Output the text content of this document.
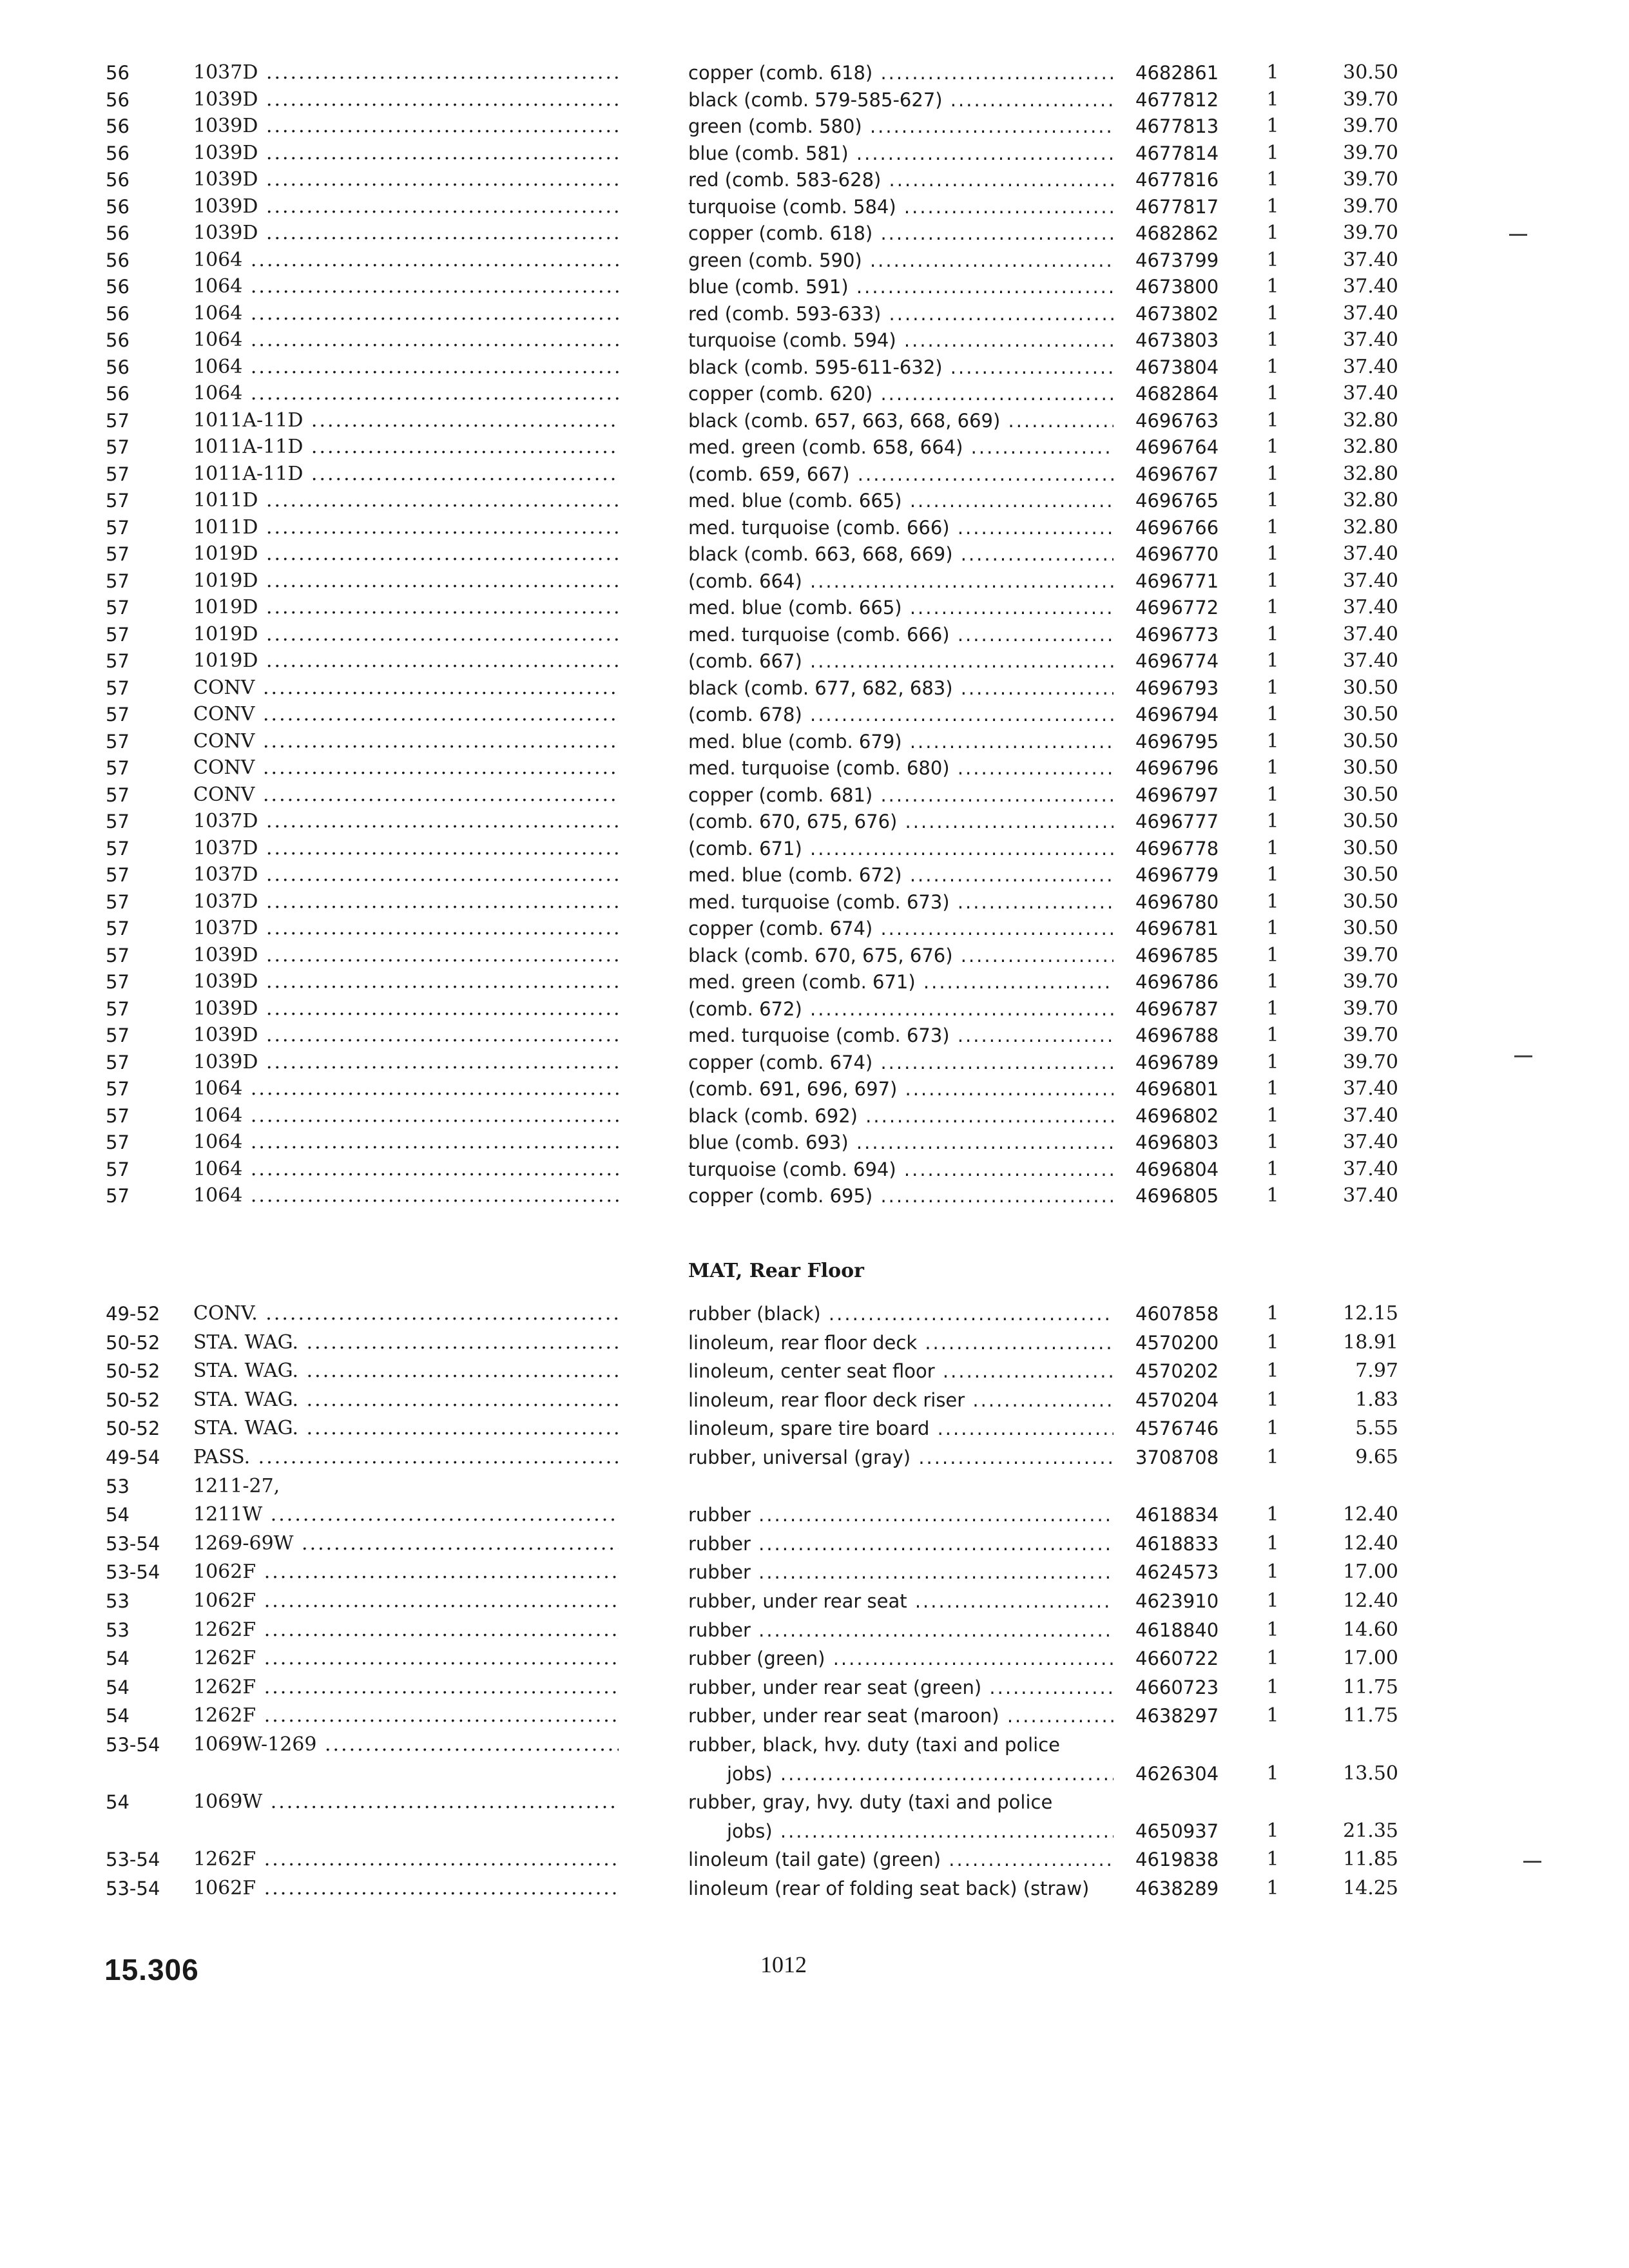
56	1037D .....	copper (comb. 618) .....	4682861	1	30.50
56	1039D .....	black (comb. 579-585-627) .....	4677812	1	39.70
56	1039D .....	green (comb. 580) .....	4677813	1	39.70
56	1039D .....	blue (comb. 581) .....	4677814	1	39.70
56	1039D .....	red (comb. 583-628) .....	4677816	1	39.70
56	1039D .....	turquoise (comb. 584) .....	4677817	1	39.70
56	1039D .....	copper (comb. 618) .....	4682862	1	39.70
56	1064 .....	green (comb. 590) .....	4673799	1	37.40
56	1064 .....	blue (comb. 591) .....	4673800	1	37.40
56	1064 .....	red (comb. 593-633) .....	4673802	1	37.40
56	1064 .....	turquoise (comb. 594) .....	4673803	1	37.40
56	1064 .....	black (comb. 595-611-632) .....	4673804	1	37.40
56	1064 .....	copper (comb. 620) .....	4682864	1	37.40
57	1011A-11D .....	black (comb. 657, 663, 668, 669) .....	4696763	1	32.80
57	1011A-11D .....	med. green (comb. 658, 664) .....	4696764	1	32.80
57	1011A-11D .....	(comb. 659, 667) .....	4696767	1	32.80
57	1011D .....	med. blue (comb. 665) .....	4696765	1	32.80
57	1011D .....	med. turquoise (comb. 666) .....	4696766	1	32.80
57	1019D .....	black (comb. 663, 668, 669) .....	4696770	1	37.40
57	1019D .....	(comb. 664) .....	4696771	1	37.40
57	1019D .....	med. blue (comb. 665) .....	4696772	1	37.40
57	1019D .....	med. turquoise (comb. 666) .....	4696773	1	37.40
57	1019D .....	(comb. 667) .....	4696774	1	37.40
57	CONV .....	black (comb. 677, 682, 683) .....	4696793	1	30.50
57	CONV .....	(comb. 678) .....	4696794	1	30.50
57	CONV .....	med. blue (comb. 679) .....	4696795	1	30.50
57	CONV .....	med. turquoise (comb. 680) .....	4696796	1	30.50
57	CONV .....	copper (comb. 681) .....	4696797	1	30.50
57	1037D .....	(comb. 670, 675, 676) .....	4696777	1	30.50
57	1037D .....	(comb. 671) .....	4696778	1	30.50
57	1037D .....	med. blue (comb. 672) .....	4696779	1	30.50
57	1037D .....	med. turquoise (comb. 673) .....	4696780	1	30.50
57	1037D .....	copper (comb. 674) .....	4696781	1	30.50
57	1039D .....	black (comb. 670, 675, 676) .....	4696785	1	39.70
57	1039D .....	med. green (comb. 671) .....	4696786	1	39.70
57	1039D .....	(comb. 672) .....	4696787	1	39.70
57	1039D .....	med. turquoise (comb. 673) .....	4696788	1	39.70
57	1039D .....	copper (comb. 674) .....	4696789	1	39.70
57	1064 .....	(comb. 691, 696, 697) .....	4696801	1	37.40
57	1064 .....	black (comb. 692) .....	4696802	1	37.40
57	1064 .....	blue (comb. 693) .....	4696803	1	37.40
57	1064 .....	turquoise (comb. 694) .....	4696804	1	37.40
57	1064 .....	copper (comb. 695) .....	4696805	1	37.40
MAT, Rear Floor
49-52	CONV. .....	rubber (black) .....	4607858	1	12.15
50-52	STA. WAG. .....	linoleum, rear floor deck .....	4570200	1	18.91
50-52	STA. WAG. .....	linoleum, center seat floor .....	4570202	1	7.97
50-52	STA. WAG. .....	linoleum, rear floor deck riser .....	4570204	1	1.83
50-52	STA. WAG. .....	linoleum, spare tire board .....	4576746	1	5.55
49-54	PASS. .....	rubber, universal (gray) .....	3708708	1	9.65
53	1211-27,
54	1211W .....	rubber .....	4618834	1	12.40
53-54	1269-69W .....	rubber .....	4618833	1	12.40
53-54	1062F .....	rubber .....	4624573	1	17.00
53	1062F .....	rubber, under rear seat .....	4623910	1	12.40
53	1262F .....	rubber .....	4618840	1	14.60
54	1262F .....	rubber (green) .....	4660722	1	17.00
54	1262F .....	rubber, under rear seat (green) .....	4660723	1	11.75
54	1262F .....	rubber, under rear seat (maroon) .....	4638297	1	11.75
53-54	1069W-1269 .....	rubber, black, hvy. duty (taxi and police
jobs) .....	4626304	1	13.50
54	1069W .....	rubber, gray, hvy. duty (taxi and police
jobs) .....	4650937	1	21.35
53-54	1262F .....	linoleum (tail gate) (green) .....	4619838	1	11.85
53-54	1062F .....	linoleum (rear of folding seat back) (straw)	4638289	1	14.25
15.306	1012
